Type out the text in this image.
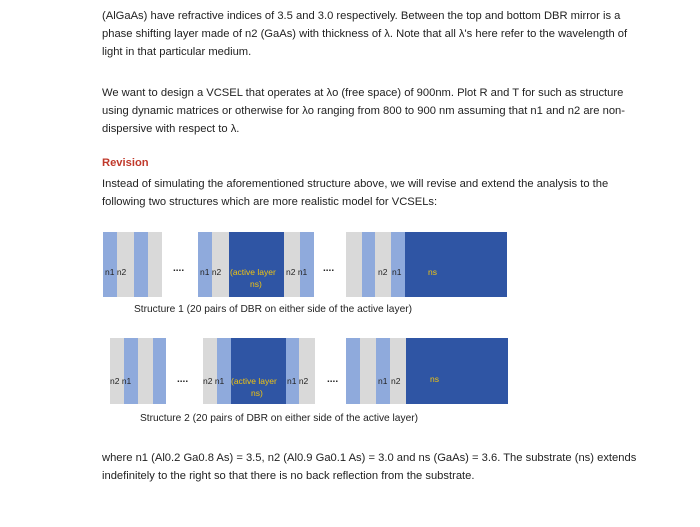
(AlGaAs) have refractive indices of 3.5 and 3.0 respectively. Between the top and bottom DBR mirror is a phase shifting layer made of n2 (GaAs) with thickness of λ. Note that all λ's here refer to the wavelength of light in that particular medium.

We want to design a VCSEL that operates at λo (free space) of 900nm. Plot R and T for such as structure using dynamic matrices or otherwise for λo ranging from 800 to 900 nm assuming that n1 and n2 are non-dispersive with respect to λ.

Revision

Instead of simulating the aforementioned structure above, we will revise and extend the analysis to the following two structures which are more realistic model for VCSELs:

n1 n2	.... n1 n2 (active layer
ns)
n2 n1 ....	n2 n1	ns
Structure 1 (20 pairs of DBR on either side of the active layer)
n2 n1	.... n2 n1 (active layer
ns)
n1 n2 ....	n1 n2	ns
Structure 2 (20 pairs of DBR on either side of the active layer)

where n1 (Al0.2 Ga0.8 As) = 3.5, n2 (Al0.9 Ga0.1 As) = 3.0 and ns (GaAs) = 3.6. The substrate (ns) extends indefinitely to the right so that there is no back reflection from the substrate.
